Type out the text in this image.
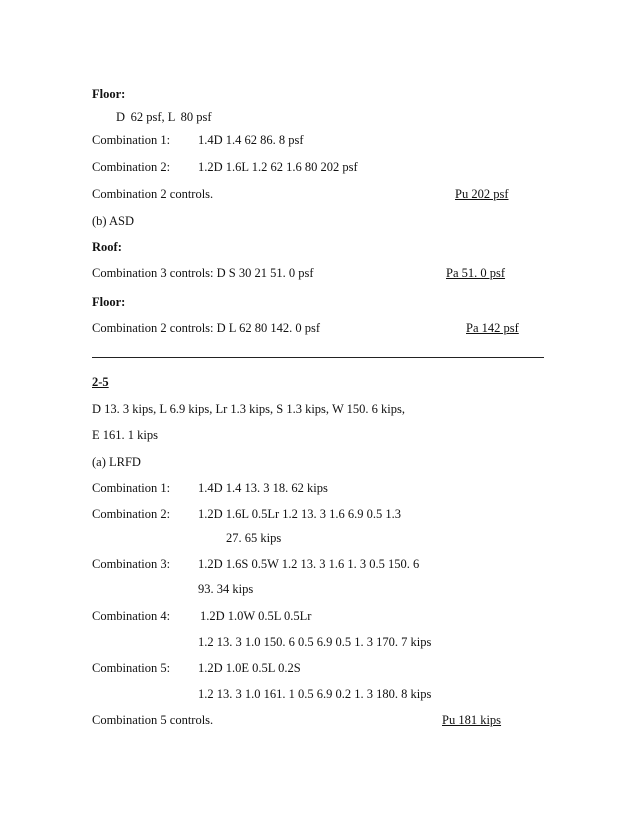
Floor:
D  62 psf, L  80 psf
Combination 1: 1.4D 1.4 62 86. 8 psf
Combination 2: 1.2D 1.6L 1.2 62 1.6 80 202 psf
Combination 2 controls.	Pu 202 psf
(b) ASD
Roof:
Combination 3 controls: D S 30 21 51. 0 psf	Pa 51. 0 psf
Floor:
Combination 2 controls: D L 62 80 142. 0 psf	Pa 142 psf
2-5
D 13. 3 kips, L 6.9 kips, Lr 1.3 kips, S 1.3 kips, W 150. 6 kips,
E 161. 1 kips
(a) LRFD
Combination 1: 1.4D 1.4 13. 3 18. 62 kips
Combination 2: 1.2D 1.6L 0.5Lr 1.2 13. 3 1.6 6.9 0.5 1.3
27. 65 kips
Combination 3: 1.2D 1.6S 0.5W 1.2 13. 3 1.6 1. 3 0.5 150. 6
93. 34 kips
Combination 4: 1.2D 1.0W 0.5L 0.5Lr
1.2 13. 3 1.0 150. 6 0.5 6.9 0.5 1. 3 170. 7 kips
Combination 5: 1.2D 1.0E 0.5L 0.2S
1.2 13. 3 1.0 161. 1 0.5 6.9 0.2 1. 3 180. 8 kips
Combination 5 controls.	Pu 181 kips
